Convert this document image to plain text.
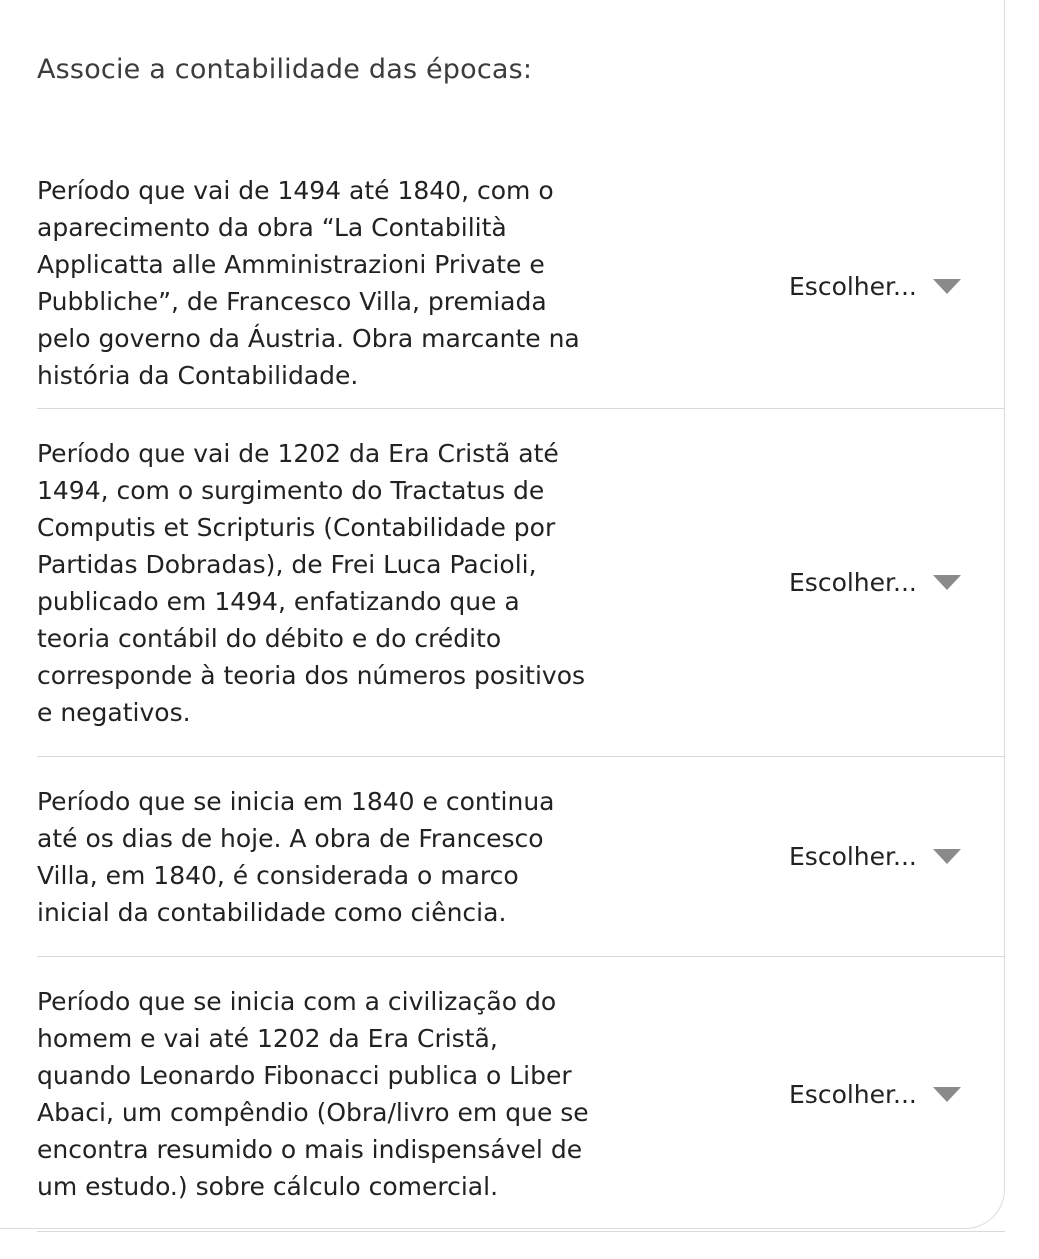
Associe a contabilidade das épocas:
Período que vai de 1494 até 1840, com o aparecimento da obra “La Contabilità Applicatta alle Amministrazioni Private e Pubbliche”, de Francesco Villa, premiada pelo governo da Áustria. Obra marcante na história da Contabilidade.
Escolher...
Período que vai de 1202 da Era Cristã até 1494, com o surgimento do Tractatus de Computis et Scripturis (Contabilidade por Partidas Dobradas), de Frei Luca Pacioli, publicado em 1494, enfatizando que a teoria contábil do débito e do crédito corresponde à teoria dos números positivos e negativos.
Escolher...
Período que se inicia em 1840 e continua até os dias de hoje. A obra de Francesco Villa, em 1840, é considerada o marco inicial da contabilidade como ciência.
Escolher...
Período que se inicia com a civilização do homem e vai até 1202 da Era Cristã, quando Leonardo Fibonacci publica o Liber Abaci, um compêndio (Obra/livro em que se encontra resumido o mais indispensável de um estudo.) sobre cálculo comercial.
Escolher...
